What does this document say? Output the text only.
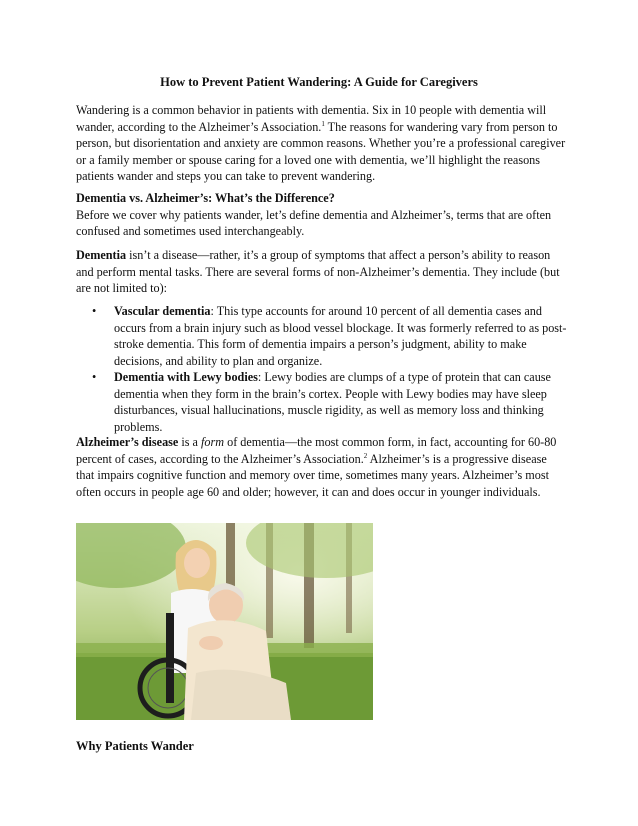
How to Prevent Patient Wandering: A Guide for Caregivers

Wandering is a common behavior in patients with dementia. Six in 10 people with dementia will wander, according to the Alzheimer’s Association.$^1$ The reasons for wandering vary from person to person, but disorientation and anxiety are common reasons. Whether you’re a professional caregiver or a family member or spouse caring for a loved one with dementia, we’ll highlight the reasons patients wander and steps you can take to prevent wandering.

Dementia vs. Alzheimer’s: What’s the Difference?

Before we cover why patients wander, let’s define dementia and Alzheimer’s, terms that are often confused and sometimes used interchangeably.

Dementia isn’t a disease—rather, it’s a group of symptoms that affect a person’s ability to reason and perform mental tasks. There are several forms of non-Alzheimer’s dementia. They include (but are not limited to):

• Vascular dementia: This type accounts for around 10 percent of all dementia cases and occurs from a brain injury such as blood vessel blockage. It was formerly referred to as post-stroke dementia. This form of dementia impairs a person’s judgment, ability to make decisions, and ability to plan and organize.
• Dementia with Lewy bodies: Lewy bodies are clumps of a type of protein that can cause dementia when they form in the brain’s cortex. People with Lewy bodies may have sleep disturbances, visual hallucinations, muscle rigidity, as well as memory loss and thinking problems.

Alzheimer’s disease is a form of dementia—the most common form, in fact, accounting for 60-80 percent of cases, according to the Alzheimer’s Association.$^2$ Alzheimer’s is a progressive disease that impairs cognitive function and memory over time, sometimes many years. Alzheimer’s most often occurs in people age 60 and older; however, it can and does occur in younger individuals.

Why Patients Wander
